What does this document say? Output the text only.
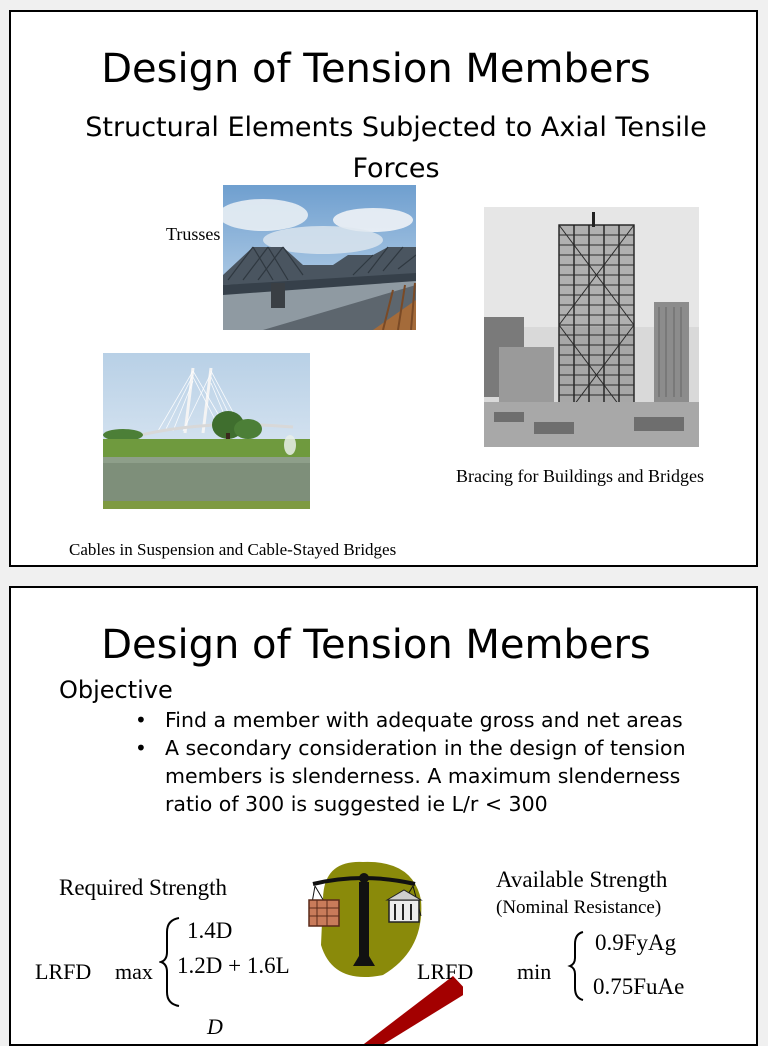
Design of Tension Members
Structural Elements Subjected to Axial Tensile Forces
Trusses
Bracing for Buildings and Bridges
Cables in Suspension and Cable-Stayed Bridges
Design of Tension Members
Objective
• Find a member with adequate gross and net areas
• A secondary consideration in the design of tension members is slenderness. A maximum slenderness ratio of 300 is suggested ie L/r < 300
Required Strength
LRFD max
1.4D
1.2D + 1.6L
D
Available Strength
(Nominal Resistance)
LRFD min
0.9FyAg
0.75FuAe
